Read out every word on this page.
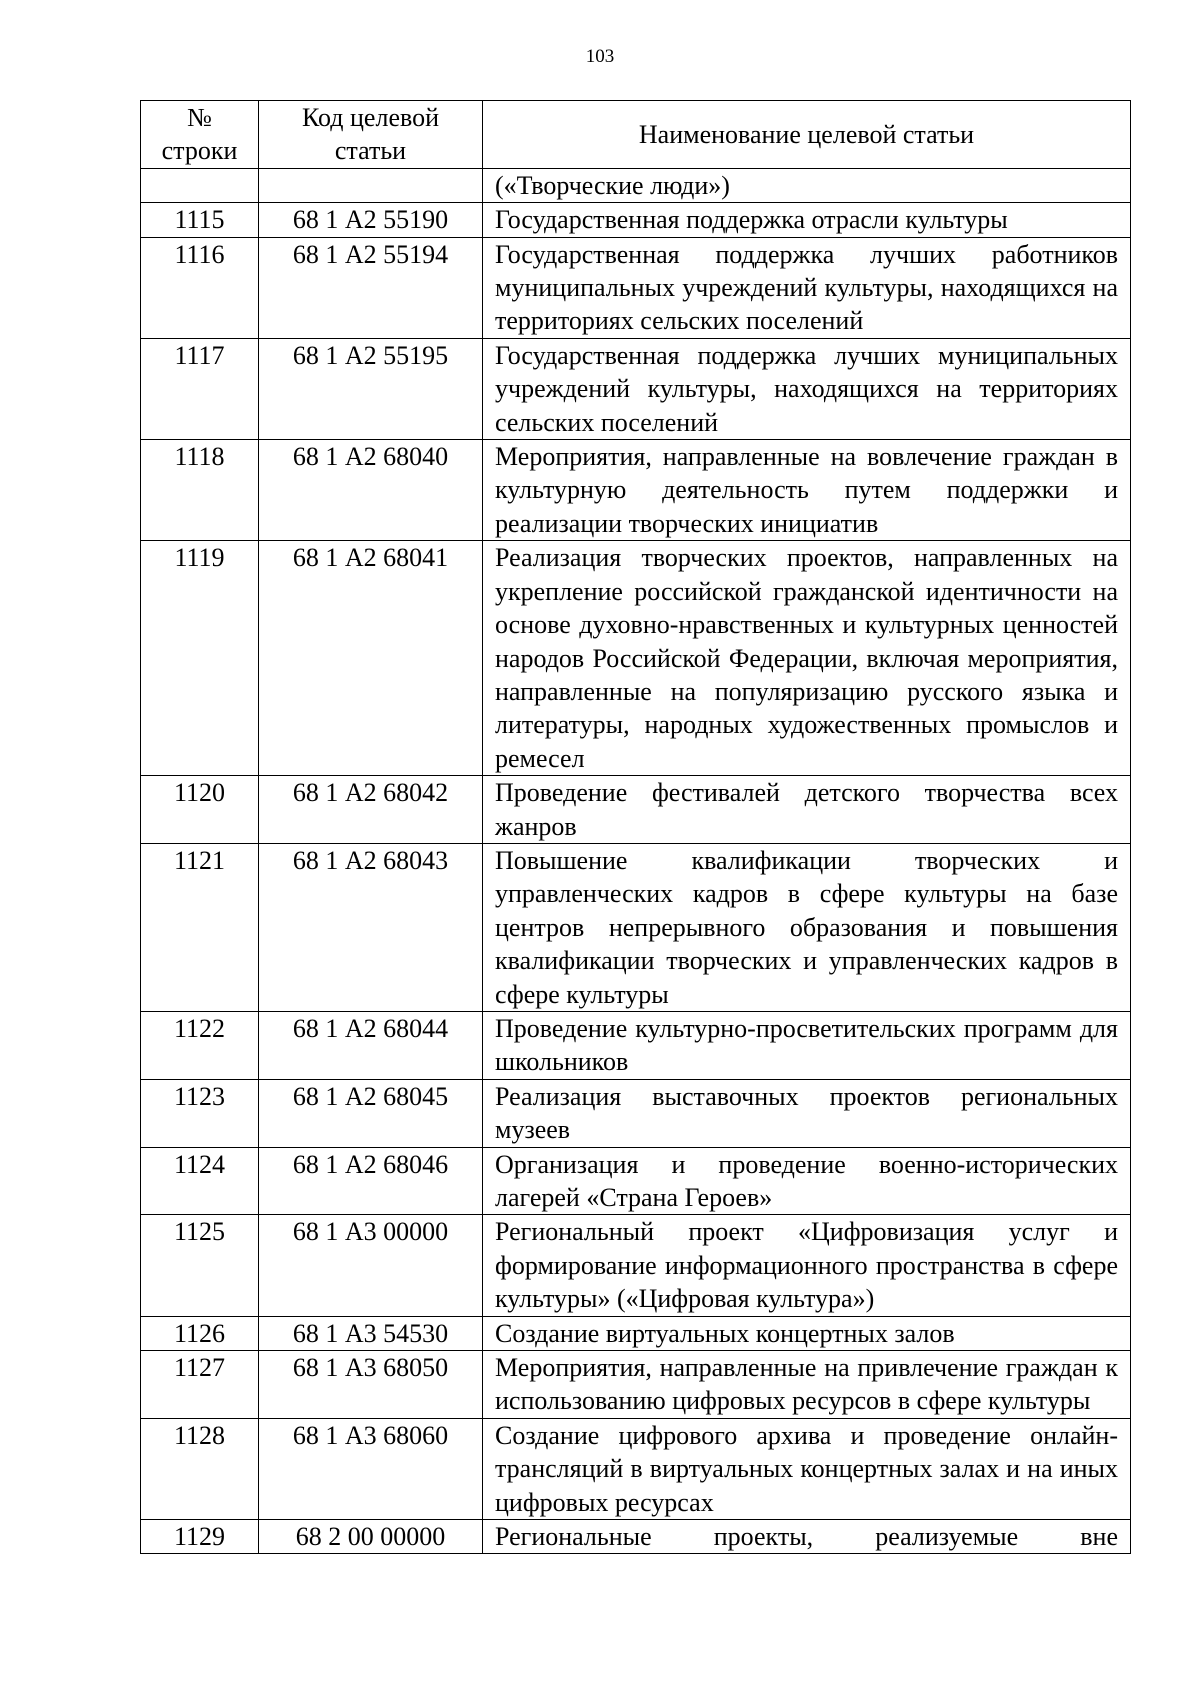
103
№ строки	Код целевой статьи	Наименование целевой статьи
		(«Творческие люди»)
1115	68 1 А2 55190	Государственная поддержка отрасли культуры
1116	68 1 А2 55194	Государственная поддержка лучших работников муниципальных учреждений культуры, находящихся на территориях сельских поселений
1117	68 1 А2 55195	Государственная поддержка лучших муниципальных учреждений культуры, находящихся на территориях сельских поселений
1118	68 1 А2 68040	Мероприятия, направленные на вовлечение граждан в культурную деятельность путем поддержки и реализации творческих инициатив
1119	68 1 А2 68041	Реализация творческих проектов, направленных на укрепление российской гражданской идентичности на основе духовно-нравственных и культурных ценностей народов Российской Федерации, включая мероприятия, направленные на популяризацию русского языка и литературы, народных художественных промыслов и ремесел
1120	68 1 А2 68042	Проведение фестивалей детского творчества всех жанров
1121	68 1 А2 68043	Повышение квалификации творческих и управленческих кадров в сфере культуры на базе центров непрерывного образования и повышения квалификации творческих и управленческих кадров в сфере культуры
1122	68 1 А2 68044	Проведение культурно-просветительских программ для школьников
1123	68 1 А2 68045	Реализация выставочных проектов региональных музеев
1124	68 1 А2 68046	Организация и проведение военно-исторических лагерей «Страна Героев»
1125	68 1 А3 00000	Региональный проект «Цифровизация услуг и формирование информационного пространства в сфере культуры» («Цифровая культура»)
1126	68 1 А3 54530	Создание виртуальных концертных залов
1127	68 1 А3 68050	Мероприятия, направленные на привлечение граждан к использованию цифровых ресурсов в сфере культуры
1128	68 1 А3 68060	Создание цифрового архива и проведение онлайн-трансляций в виртуальных концертных залах и на иных цифровых ресурсах
1129	68 2 00 00000	Региональные проекты, реализуемые вне
